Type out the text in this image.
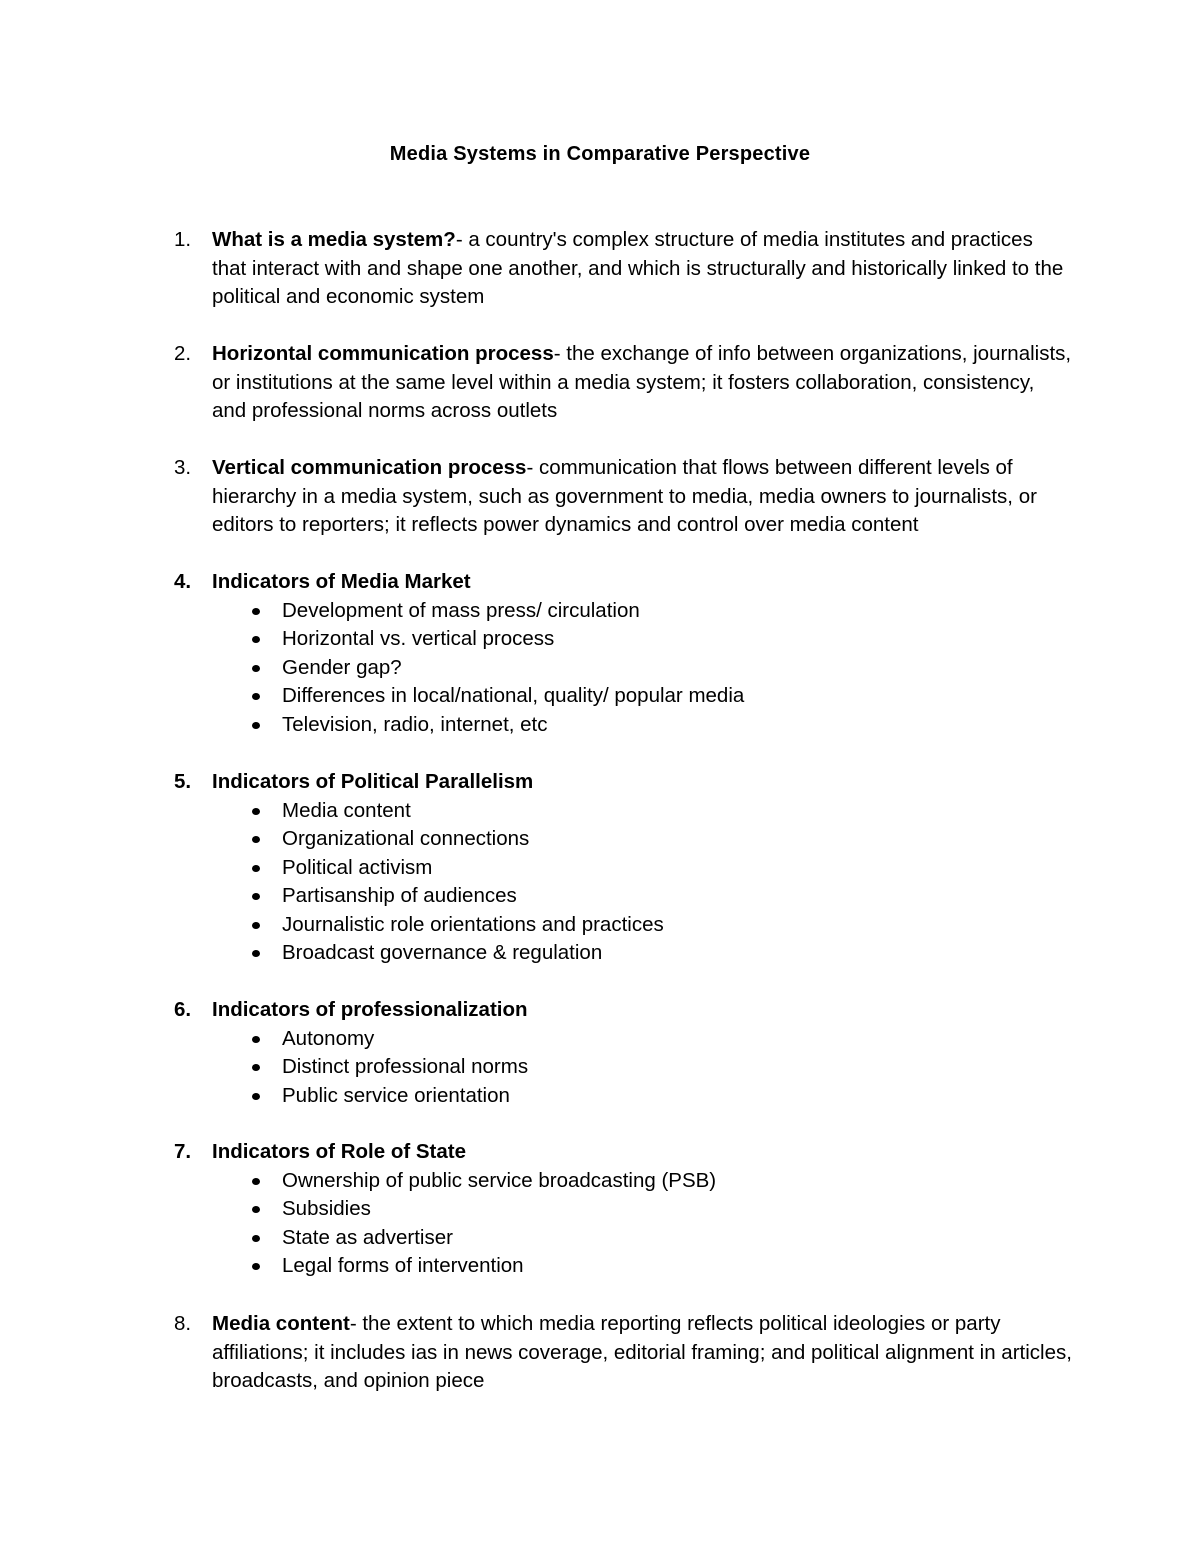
Media Systems in Comparative Perspective
1.	What is a media system?- a country's complex structure of media institutes and practices that interact with and shape one another, and which is structurally and historically linked to the political and economic system
2.	Horizontal communication process- the exchange of info between organizations, journalists, or institutions at the same level within a media system; it fosters collaboration, consistency, and professional norms across outlets
3.	Vertical communication process- communication that flows between different levels of hierarchy in a media system, such as government to media, media owners to journalists, or editors to reporters; it reflects power dynamics and control over media content
4.	Indicators of Media Market
Development of mass press/ circulation
Horizontal vs. vertical process
Gender gap?
Differences in local/national, quality/ popular media
Television, radio, internet, etc
5.	Indicators of Political Parallelism
Media content
Organizational connections
Political activism
Partisanship of audiences
Journalistic role orientations and practices
Broadcast governance & regulation
6.	Indicators of professionalization
Autonomy
Distinct professional norms
Public service orientation
7.	Indicators of Role of State
Ownership of public service broadcasting (PSB)
Subsidies
State as advertiser
Legal forms of intervention
8.	Media content- the extent to which media reporting reflects political ideologies or party affiliations; it includes ias in news coverage, editorial framing; and political alignment in articles, broadcasts, and opinion piece
